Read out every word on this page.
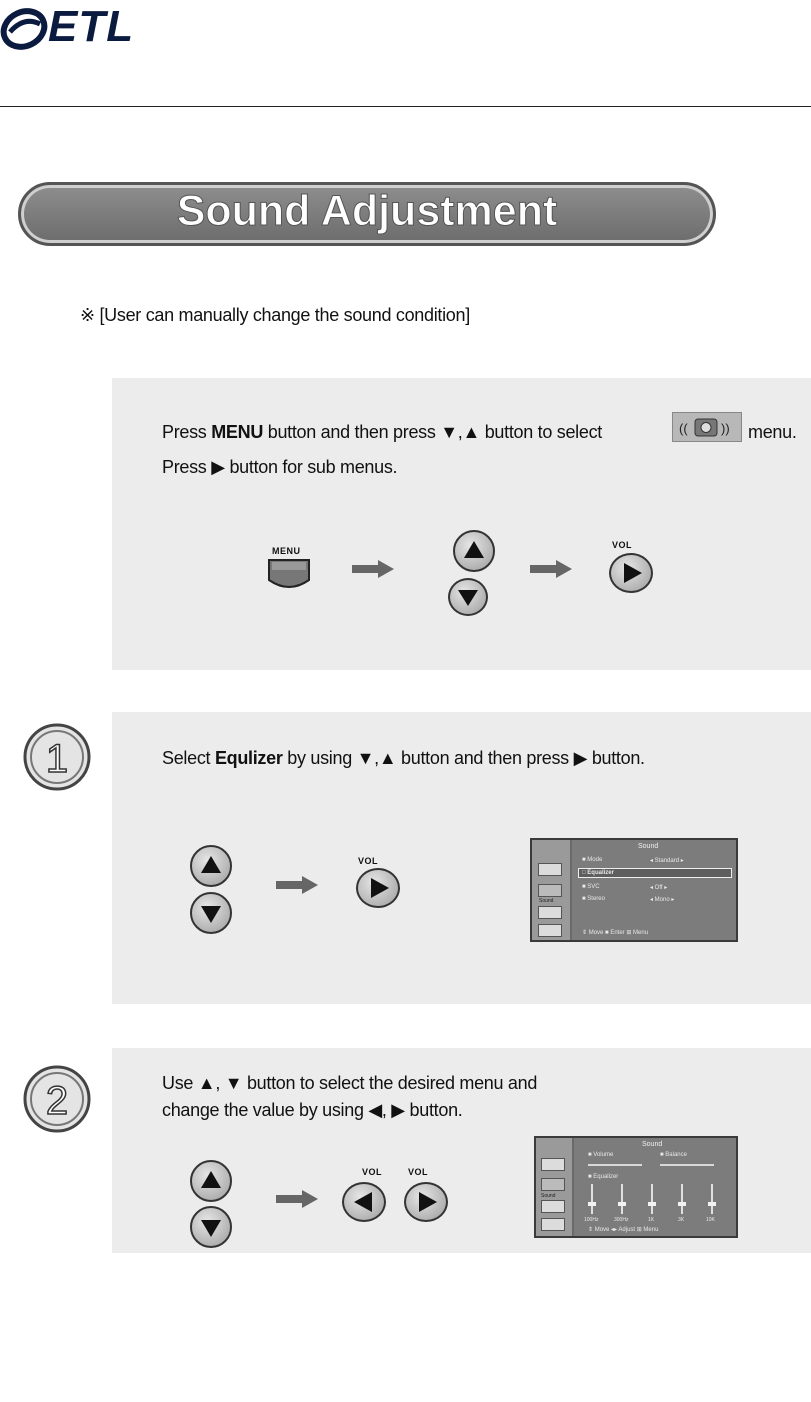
ETL
Sound Adjustment
※ [User can manually change the sound condition]
Press MENU button and then press ▼,▲ button to select	((	)) menu.
Press ▶ button for sub menus.
MENU
VOL
1	Select Equlizer by using ▼,▲ button and then press ▶ button.
VOL
Sound
Sound
■ Mode	◂ Standard ▸
□ Equalizer
■ SVC	◂ Off ▸
■ Stereo	◂ Mono ▸
⇕ Move ■ Enter ⊞ Menu
2	Use ▲, ▼ button to select the desired menu and
change the value by using ◀, ▶ button.
VOL	VOL
Sound
Sound
■ Volume	■ Balance
■ Equalizer
100Hz	300Hz	1K	3K	10K
⇕ Move ◂▸ Adjust ⊞ Menu
